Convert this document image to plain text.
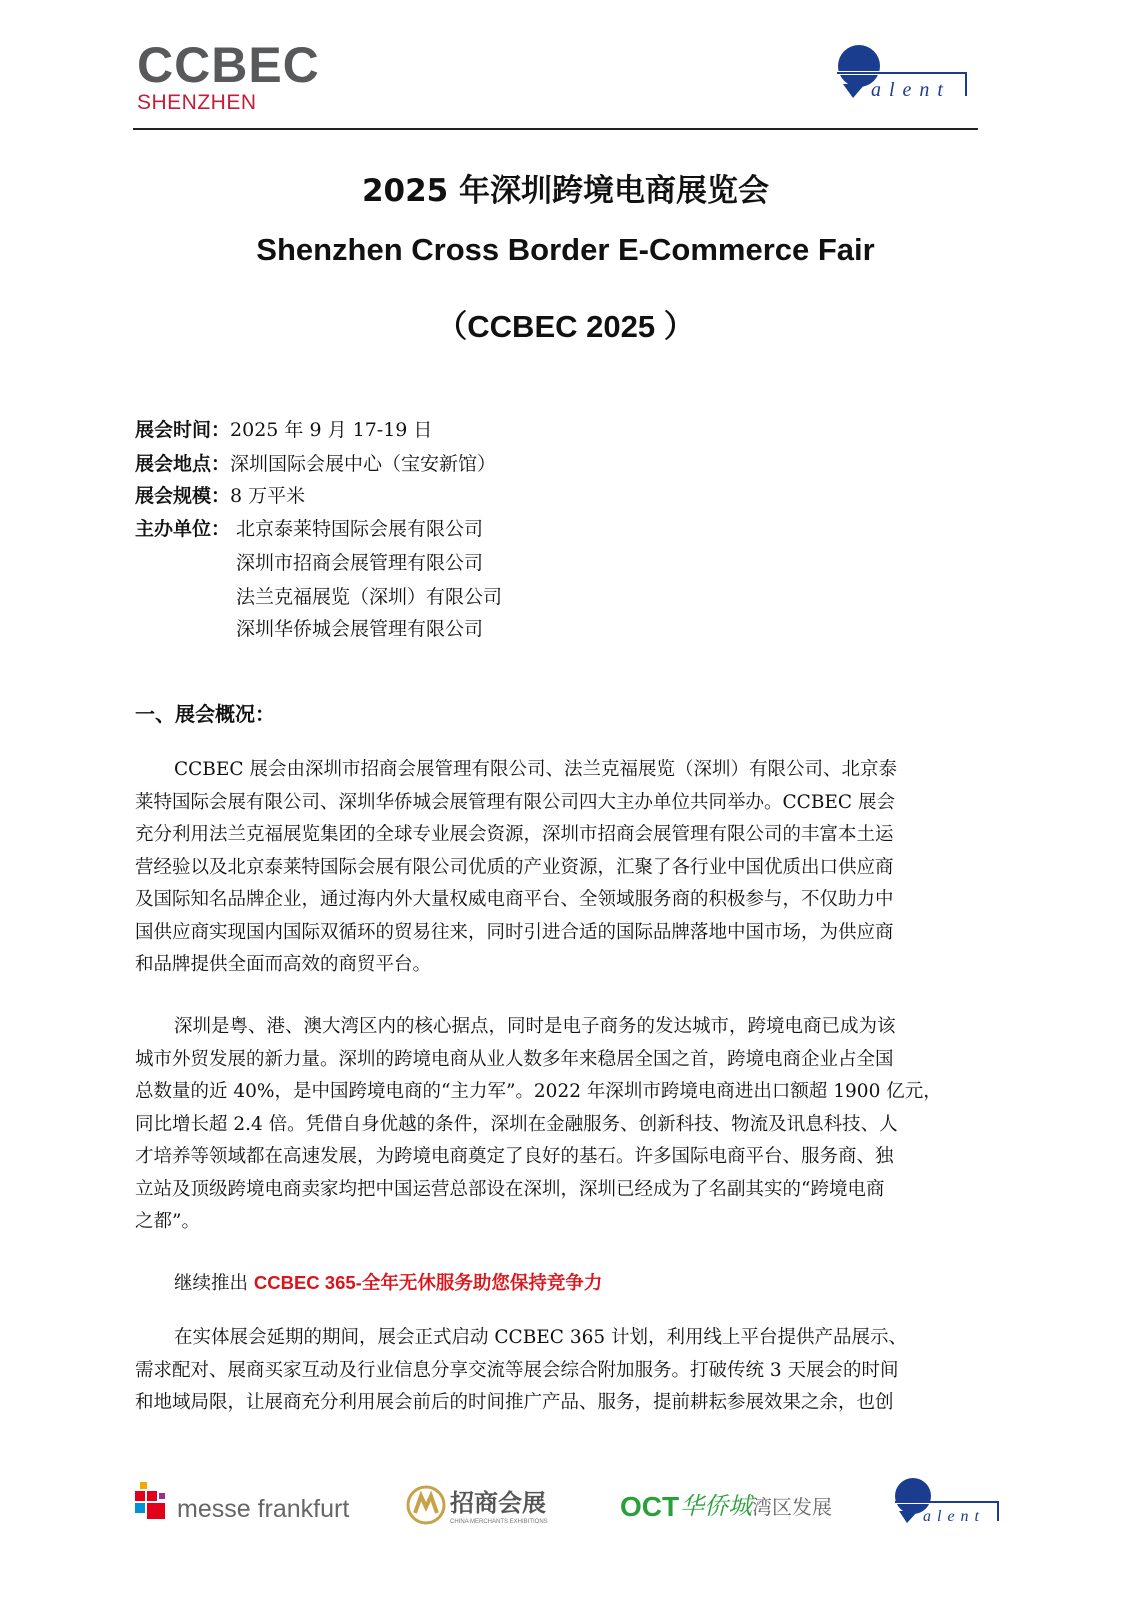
CCBEC
SHENZHEN
alent
2025 年深圳跨境电商展览会
Shenzhen Cross Border E-Commerce Fair
（CCBEC 2025 ）
展会时间：2025 年 9 月 17-19 日
展会地点：深圳国际会展中心（宝安新馆）
展会规模：8 万平米
主办单位： 北京泰莱特国际会展有限公司
深圳市招商会展管理有限公司
法兰克福展览（深圳）有限公司
深圳华侨城会展管理有限公司
一、展会概况：
CCBEC 展会由深圳市招商会展管理有限公司、法兰克福展览（深圳）有限公司、北京泰
莱特国际会展有限公司、深圳华侨城会展管理有限公司四大主办单位共同举办。CCBEC 展会
充分利用法兰克福展览集团的全球专业展会资源，深圳市招商会展管理有限公司的丰富本土运
营经验以及北京泰莱特国际会展有限公司优质的产业资源，汇聚了各行业中国优质出口供应商
及国际知名品牌企业，通过海内外大量权威电商平台、全领域服务商的积极参与，不仅助力中
国供应商实现国内国际双循环的贸易往来，同时引进合适的国际品牌落地中国市场，为供应商
和品牌提供全面而高效的商贸平台。
深圳是粤、港、澳大湾区内的核心据点，同时是电子商务的发达城市，跨境电商已成为该
城市外贸发展的新力量。深圳的跨境电商从业人数多年来稳居全国之首，跨境电商企业占全国
总数量的近 40%，是中国跨境电商的“主力军”。2022 年深圳市跨境电商进出口额超 1900 亿元，
同比增长超 2.4 倍。凭借自身优越的条件，深圳在金融服务、创新科技、物流及讯息科技、人
才培养等领域都在高速发展，为跨境电商奠定了良好的基石。许多国际电商平台、服务商、独
立站及顶级跨境电商卖家均把中国运营总部设在深圳，深圳已经成为了名副其实的“跨境电商
之都”。
继续推出 CCBEC 365-全年无休服务助您保持竞争力
在实体展会延期的期间，展会正式启动 CCBEC 365 计划，利用线上平台提供产品展示、
需求配对、展商买家互动及行业信息分享交流等展会综合附加服务。打破传统 3 天展会的时间
和地域局限，让展商充分利用展会前后的时间推广产品、服务，提前耕耘参展效果之余，也创
messe frankfurt	招商会展
CHINA MERCHANTS EXHIBITIONS	OCT 华侨城 湾区发展	alent
